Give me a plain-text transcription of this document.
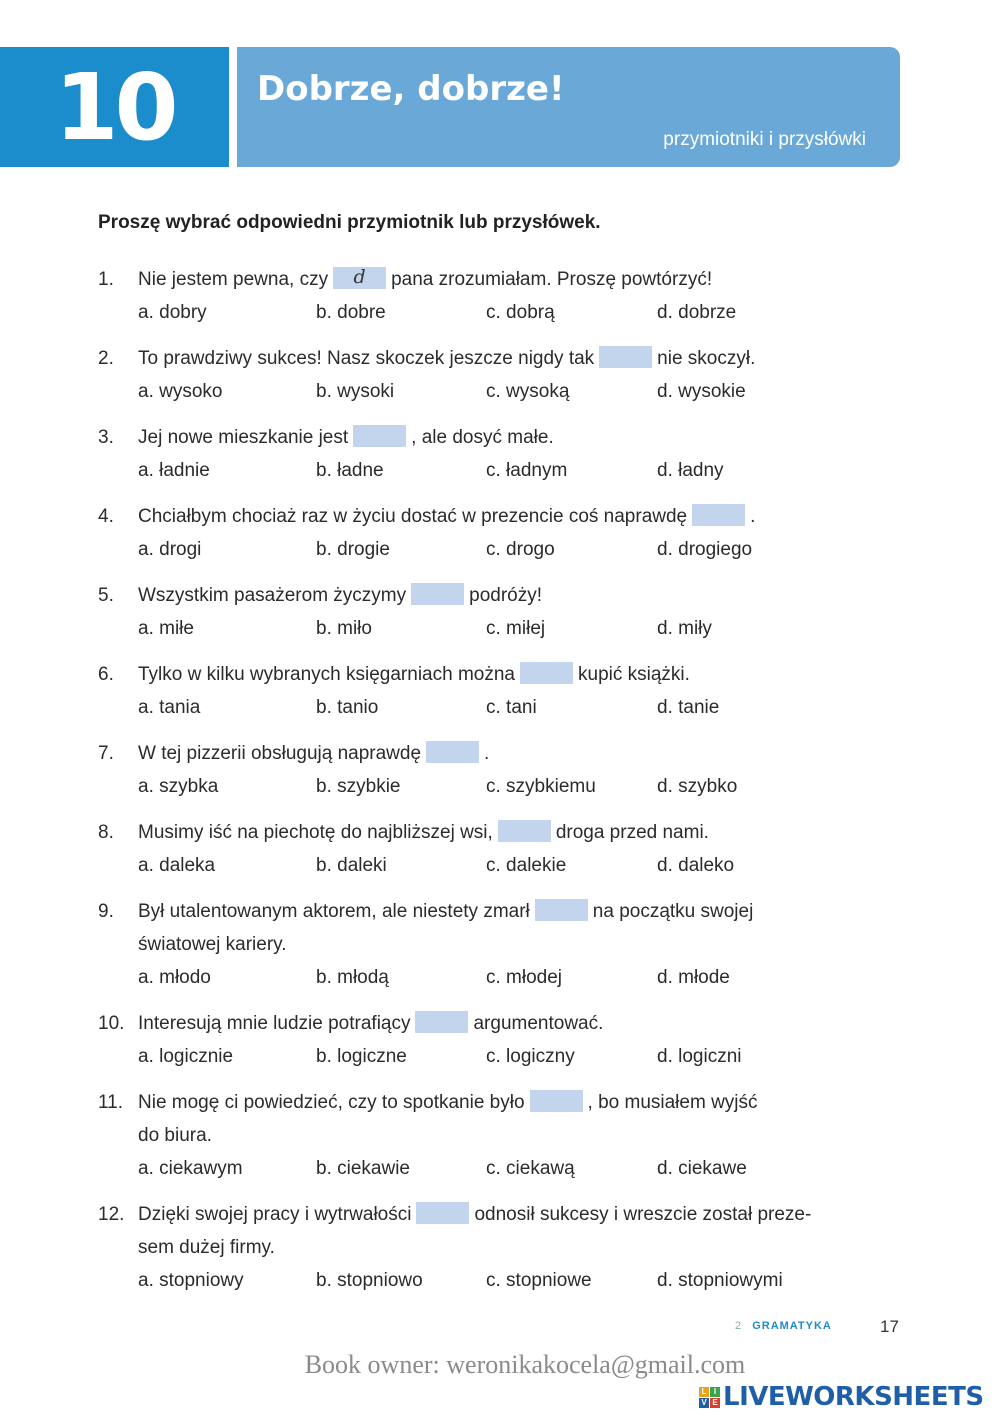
10 Dobrze, dobrze!
przymiotniki i przysłówki
Proszę wybrać odpowiedni przymiotnik lub przysłówek.
1. Nie jestem pewna, czy d pana zrozumiałam. Proszę powtórzyć!
a. dobry	b. dobre	c. dobrą	d. dobrze
2. To prawdziwy sukces! Nasz skoczek jeszcze nigdy tak	nie skoczył.
a. wysoko	b. wysoki	c. wysoką	d. wysokie
3. Jej nowe mieszkanie jest	, ale dosyć małe.
a. ładnie	b. ładne	c. ładnym	d. ładny
4. Chciałbym chociaż raz w życiu dostać w prezencie coś naprawdę	.
a. drogi	b. drogie	c. drogo	d. drogiego
5. Wszystkim pasażerom życzymy	podróży!
a. miłe	b. miło	c. miłej	d. miły
6. Tylko w kilku wybranych księgarniach można	kupić książki.
a. tania	b. tanio	c. tani	d. tanie
7. W tej pizzerii obsługują naprawdę	.
a. szybka	b. szybkie	c. szybkiemu	d. szybko
8. Musimy iść na piechotę do najbliższej wsi,	droga przed nami.
a. daleka	b. daleki	c. dalekie	d. daleko
9. Był utalentowanym aktorem, ale niestety zmarł	na początku swojej
światowej kariery.
a. młodo	b. młodą	c. młodej	d. młode
10. Interesują mnie ludzie potrafiący	argumentować.
a. logicznie	b. logiczne	c. logiczny	d. logiczni
11. Nie mogę ci powiedzieć, czy to spotkanie było	, bo musiałem wyjść
do biura.
a. ciekawym	b. ciekawie	c. ciekawą	d. ciekawe
12. Dzięki swojej pracy i wytrwałości	odnosił sukcesy i wreszcie został preze-
sem dużej firmy.
a. stopniowy	b. stopniowo	c. stopniowe	d. stopniowymi
2 GRAMATYKA	17
Book owner: weronikakocela@gmail.com
L I
V E LIVEWORKSHEETS
